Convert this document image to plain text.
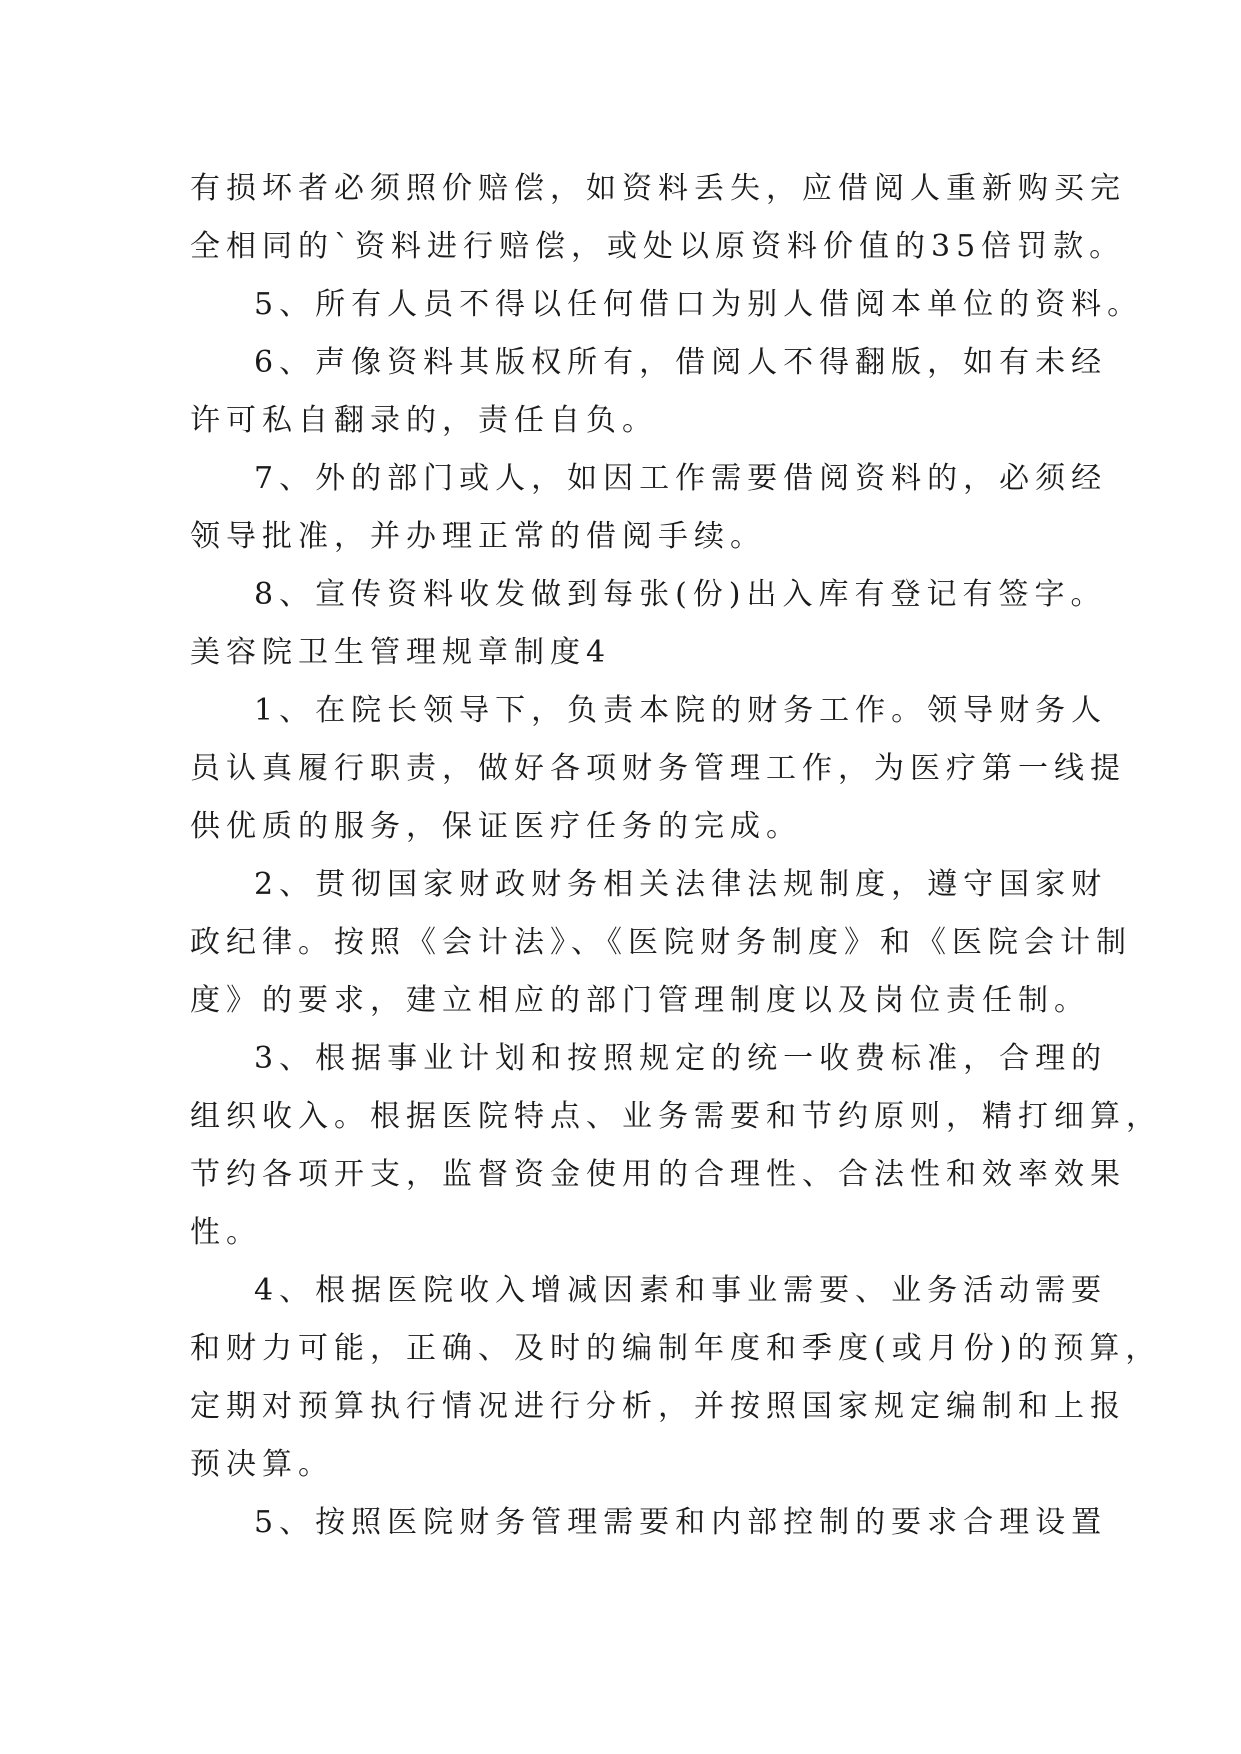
有损坏者必须照价赔偿，如资料丢失，应借阅人重新购买完
全相同的`资料进行赔偿，或处以原资料价值的35倍罚款。
5、所有人员不得以任何借口为别人借阅本单位的资料。
6、声像资料其版权所有，借阅人不得翻版，如有未经
许可私自翻录的，责任自负。
7、外的部门或人，如因工作需要借阅资料的，必须经
领导批准，并办理正常的借阅手续。
8、宣传资料收发做到每张(份)出入库有登记有签字。
美容院卫生管理规章制度4
1、在院长领导下，负责本院的财务工作。领导财务人
员认真履行职责，做好各项财务管理工作，为医疗第一线提
供优质的服务，保证医疗任务的完成。
2、贯彻国家财政财务相关法律法规制度，遵守国家财
政纪律。按照《会计法》、《医院财务制度》和《医院会计制
度》的要求，建立相应的部门管理制度以及岗位责任制。
3、根据事业计划和按照规定的统一收费标准，合理的
组织收入。根据医院特点、业务需要和节约原则，精打细算，
节约各项开支，监督资金使用的合理性、合法性和效率效果
性。
4、根据医院收入增减因素和事业需要、业务活动需要
和财力可能，正确、及时的编制年度和季度(或月份)的预算，
定期对预算执行情况进行分析，并按照国家规定编制和上报
预决算。
5、按照医院财务管理需要和内部控制的要求合理设置
